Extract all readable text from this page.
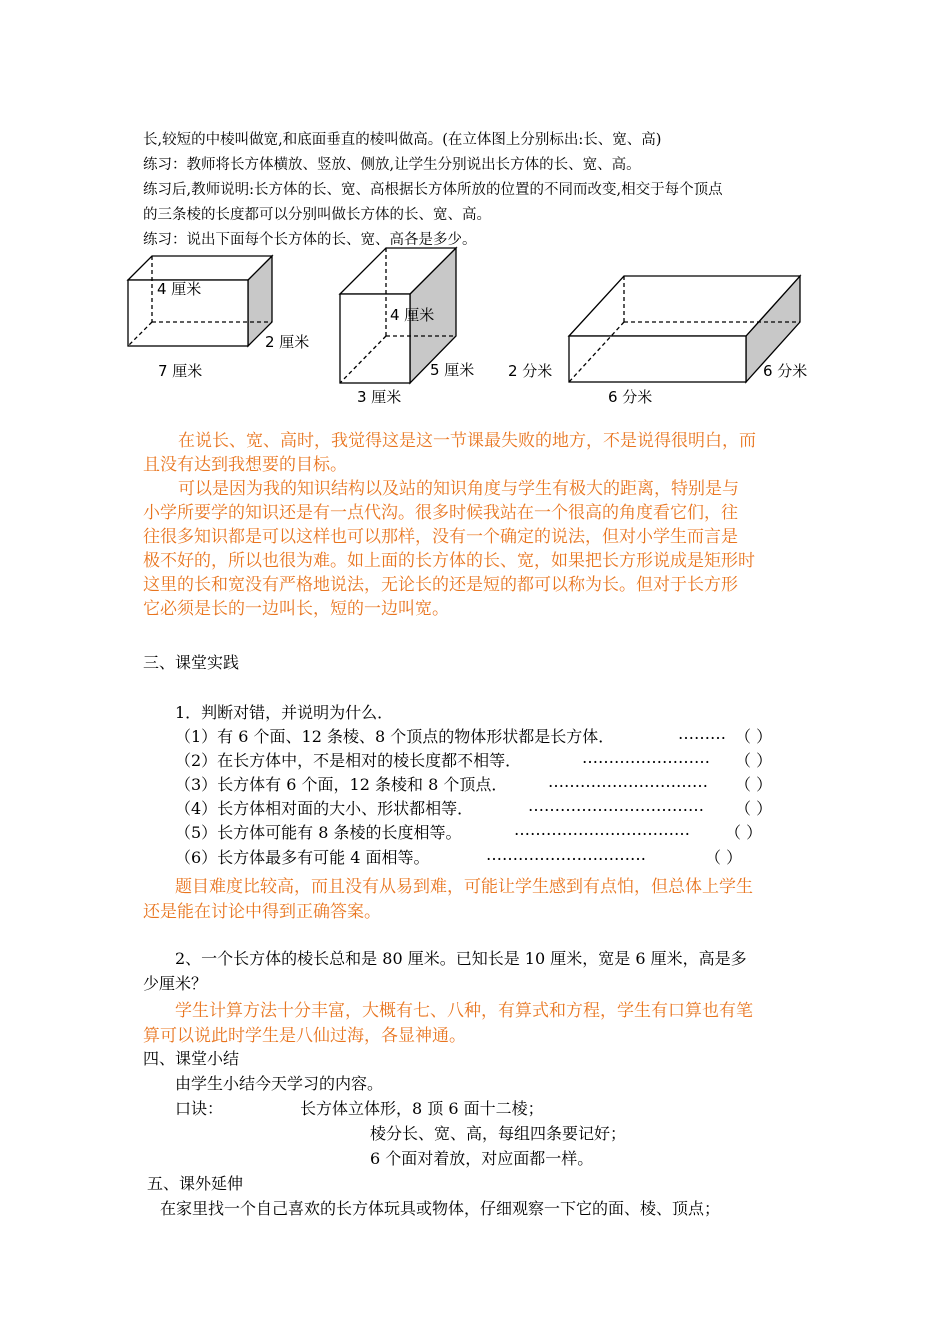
长,较短的中棱叫做宽,和底面垂直的棱叫做高。(在立体图上分别标出:长、宽、高)
练习：教师将长方体横放、竖放、侧放,让学生分别说出长方体的长、宽、高。
练习后,教师说明:长方体的长、宽、高根据长方体所放的位置的不同而改变,相交于每个顶点
的三条棱的长度都可以分别叫做长方体的长、宽、高。
练习：说出下面每个长方体的长、宽、高各是多少。
4 厘米
2 厘米
7 厘米
4 厘米
5 厘米
3 厘米
2 分米	6 分米
6 分米
在说长、宽、高时，我觉得这是这一节课最失败的地方，不是说得很明白，而
且没有达到我想要的目标。
可以是因为我的知识结构以及站的知识角度与学生有极大的距离，特别是与
小学所要学的知识还是有一点代沟。很多时候我站在一个很高的角度看它们，往
往很多知识都是可以这样也可以那样，没有一个确定的说法，但对小学生而言是
极不好的，所以也很为难。如上面的长方体的长、宽，如果把长方形说成是矩形时
这里的长和宽没有严格地说法，无论长的还是短的都可以称为长。但对于长方形
它必须是长的一边叫长，短的一边叫宽。
三、课堂实践
1．判断对错，并说明为什么．
（1）有 6 个面、12 条棱、8 个顶点的物体形状都是长方体．	……… （ ）
（2）在长方体中，不是相对的棱长度都不相等．	…………………… （ ）
（3）长方体有 6 个面，12 条棱和 8 个顶点．	………………………… （ ）
（4）长方体相对面的大小、形状都相等．	…………………………… （ ）
（5）长方体可能有 8 条棱的长度相等。	…………………………… （ ）
（6）长方体最多有可能 4 面相等。	…………………………	（ ）
题目难度比较高，而且没有从易到难，可能让学生感到有点怕，但总体上学生
还是能在讨论中得到正确答案。
2、一个长方体的棱长总和是 80 厘米。已知长是 10 厘米，宽是 6 厘米，高是多
少厘米？
学生计算方法十分丰富，大概有七、八种，有算式和方程，学生有口算也有笔
算可以说此时学生是八仙过海，各显神通。
四、课堂小结
由学生小结今天学习的内容。
口诀：	长方体立体形，8 顶 6 面十二棱；
棱分长、宽、高，每组四条要记好；
6 个面对着放，对应面都一样。
五、课外延伸
在家里找一个自己喜欢的长方体玩具或物体，仔细观察一下它的面、棱、顶点；
